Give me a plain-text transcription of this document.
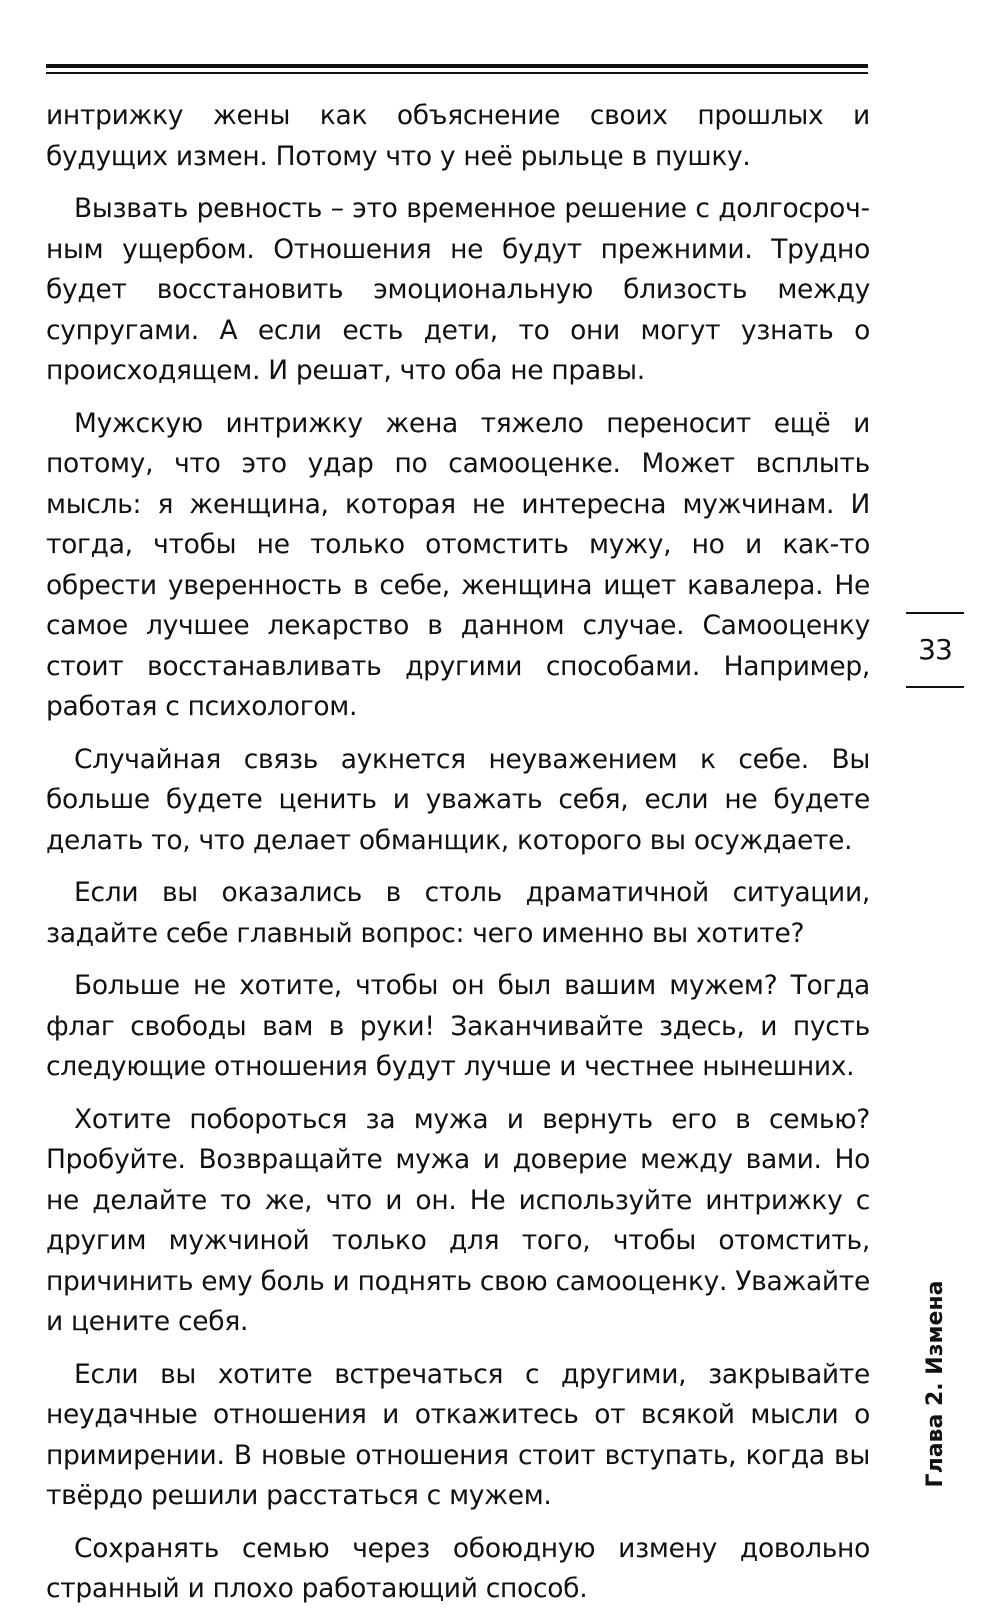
интрижку жены как объяснение своих прошлых и будущих измен. Потому что у неё рыльце в пушку.

Вызвать ревность – это временное решение с долгосрочным ущербом. Отношения не будут прежними. Трудно будет восстановить эмоциональную близость между супругами. А если есть дети, то они могут узнать о происходящем. И решат, что оба не правы.

Мужскую интрижку жена тяжело переносит ещё и потому, что это удар по самооценке. Может всплыть мысль: я женщина, которая не интересна мужчинам. И тогда, чтобы не только отомстить мужу, но и как-то обрести уверенность в себе, женщина ищет кавалера. Не самое лучшее лекарство в данном случае. Самооценку стоит восстанавливать другими способами. Например, работая с психологом.

Случайная связь аукнется неуважением к себе. Вы больше будете ценить и уважать себя, если не будете делать то, что делает обманщик, которого вы осуждаете.

Если вы оказались в столь драматичной ситуации, задайте себе главный вопрос: чего именно вы хотите?

Больше не хотите, чтобы он был вашим мужем? Тогда флаг свободы вам в руки! Заканчивайте здесь, и пусть следующие отношения будут лучше и честнее нынешних.

Хотите побороться за мужа и вернуть его в семью? Пробуйте. Возвращайте мужа и доверие между вами. Но не делайте то же, что и он. Не используйте интрижку с другим мужчиной только для того, чтобы отомстить, причинить ему боль и поднять свою самооценку. Уважайте и цените себя.

Если вы хотите встречаться с другими, закрывайте неудачные отношения и откажитесь от всякой мысли о примирении. В новые отношения стоит вступать, когда вы твёрдо решили расстаться с мужем.

Сохранять семью через обоюдную измену довольно странный и плохо работающий способ.

33
Глава 2. Измена
